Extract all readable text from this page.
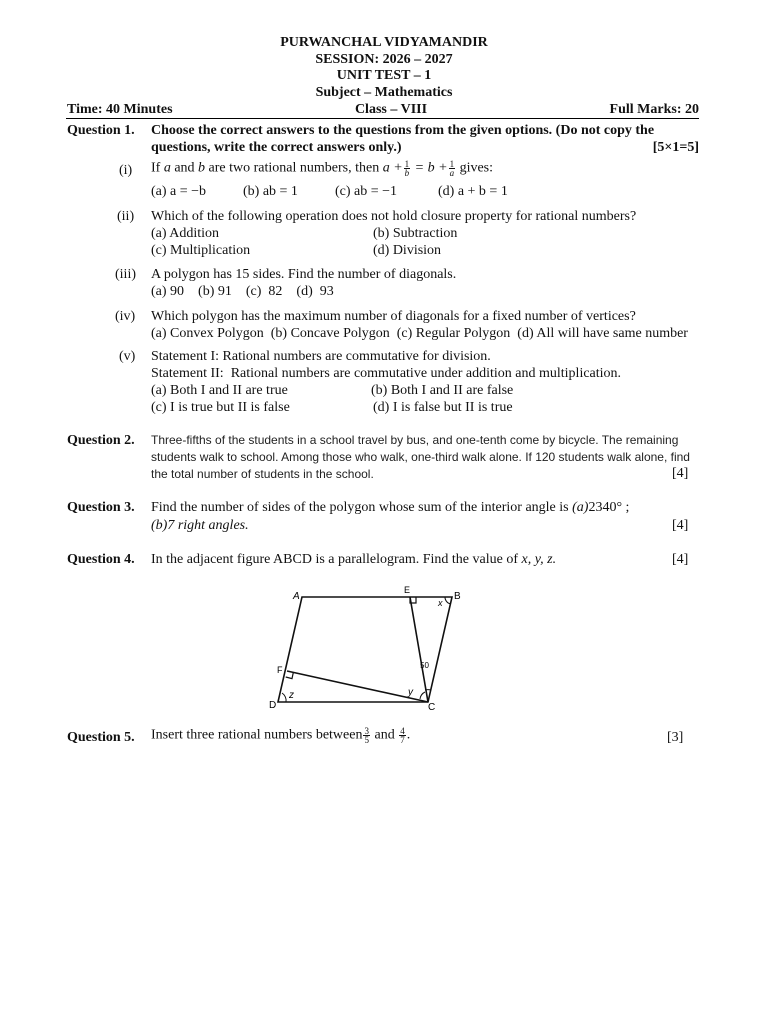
PURWANCHAL VIDYAMANDIR
SESSION: 2026 – 2027
UNIT TEST – 1
Subject – Mathematics
Time: 40 Minutes	Class – VIII	Full Marks: 20
Question 1. Choose the correct answers to the questions from the given options. (Do not copy the
questions, write the correct answers only.)	[5×1=5]
(i) If a and b are two rational numbers, then $a + \frac{1}{b} = b + \frac{1}{a}$ gives:
(a) a = −b	(b) ab = 1	(c) ab = −1	(d) a + b = 1
(ii) Which of the following operation does not hold closure property for rational numbers?
(a) Addition	(b) Subtraction
(c) Multiplication	(d) Division
(iii) A polygon has 15 sides. Find the number of diagonals.
(a) 90    (b) 91    (c)  82    (d)  93
(iv) Which polygon has the maximum number of diagonals for a fixed number of vertices?
(a) Convex Polygon  (b) Concave Polygon  (c) Regular Polygon  (d) All will have same number
(v) Statement I: Rational numbers are commutative for division.
Statement II:  Rational numbers are commutative under addition and multiplication.
(a) Both I and II are true	(b) Both I and II are false
(c) I is true but II is false	(d) I is false but II is true
Question 2. Three-fifths of the students in a school travel by bus, and one-tenth come by bicycle. The remaining
students walk to school. Among those who walk, one-third walk alone. If 120 students walk alone, find
the total number of students in the school.	[4]
Question 3. Find the number of sides of the polygon whose sum of the interior angle is (a)2340° ;
(b)7 right angles.	[4]
Question 4. In the adjacent figure ABCD is a parallelogram. Find the value of x, y, z.	[4]
A	B
C
D
E
F
x
y
z
50
Question 5. Insert three rational numbers between $\frac{3}{5}$ and $\frac{4}{7}$ .	[3]
